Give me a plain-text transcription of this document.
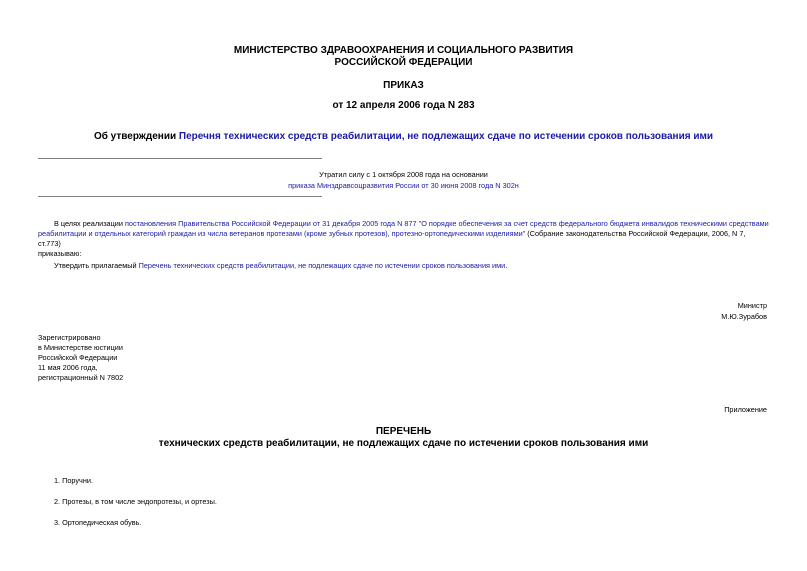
МИНИСТЕРСТВО ЗДРАВООХРАНЕНИЯ И СОЦИАЛЬНОГО РАЗВИТИЯ
РОССИЙСКОЙ ФЕДЕРАЦИИ
ПРИКАЗ
от 12 апреля 2006 года N 283
Об утверждении Перечня технических средств реабилитации, не подлежащих сдаче по истечении сроков пользования ими
Утратил силу с 1 октября 2008 года на основании
приказа Минздравсоцразвития России от 30 июня 2008 года N 302н
В целях реализации постановления Правительства Российской Федерации от 31 декабря 2005 года N 877 "О порядке обеспечения за счет средств федерального бюджета инвалидов техническими средствами реабилитации и отдельных категорий граждан из числа ветеранов протезами (кроме зубных протезов), протезно-ортопедическими изделиями" (Собрание законодательства Российской Федерации, 2006, N 7, ст.773)
приказываю:
Утвердить прилагаемый Перечень технических средств реабилитации, не подлежащих сдаче по истечении сроков пользования ими.
Министр
М.Ю.Зурабов
Зарегистрировано
в Министерстве юстиции
Российской Федерации
11 мая 2006 года,
регистрационный N 7802
Приложение
ПЕРЕЧЕНЬ
технических средств реабилитации, не подлежащих сдаче по истечении сроков пользования ими
1. Поручни.
2. Протезы, в том числе эндопротезы, и ортезы.
3. Ортопедическая обувь.
